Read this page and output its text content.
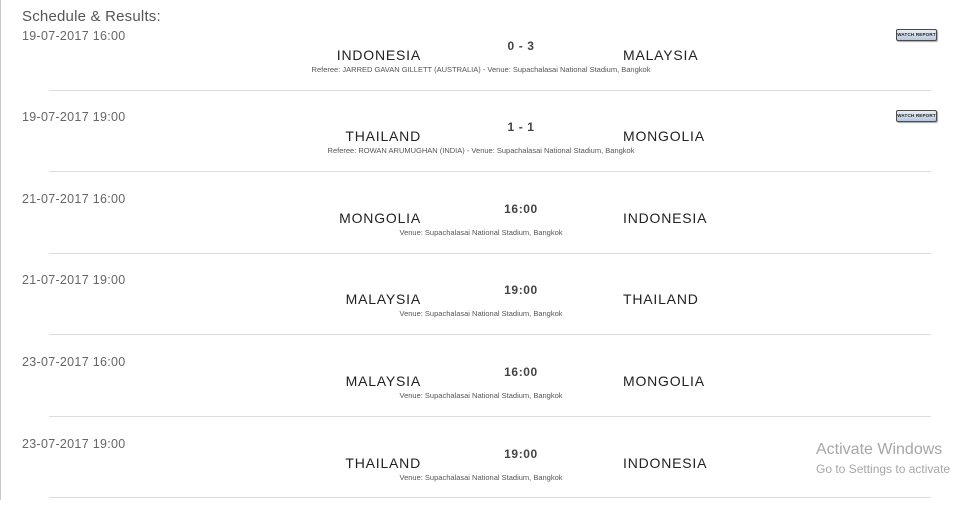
Schedule & Results:
19-07-2017 16:00
INDONESIA
0 - 3
MALAYSIA
Referee: JARRED GAVAN GILLETT (AUSTRALIA) - Venue: Supachalasai National Stadium, Bangkok
WATCH REPORT
19-07-2017 19:00
THAILAND
1 - 1
MONGOLIA
Referee: ROWAN ARUMUGHAN (INDIA) - Venue: Supachalasai National Stadium, Bangkok
WATCH REPORT
21-07-2017 16:00
MONGOLIA
16:00
INDONESIA
Venue: Supachalasai National Stadium, Bangkok
21-07-2017 19:00
MALAYSIA
19:00
THAILAND
Venue: Supachalasai National Stadium, Bangkok
23-07-2017 16:00
MALAYSIA
16:00
MONGOLIA
Venue: Supachalasai National Stadium, Bangkok
23-07-2017 19:00
THAILAND
19:00
INDONESIA
Venue: Supachalasai National Stadium, Bangkok
Activate Windows
Go to Settings to activate
